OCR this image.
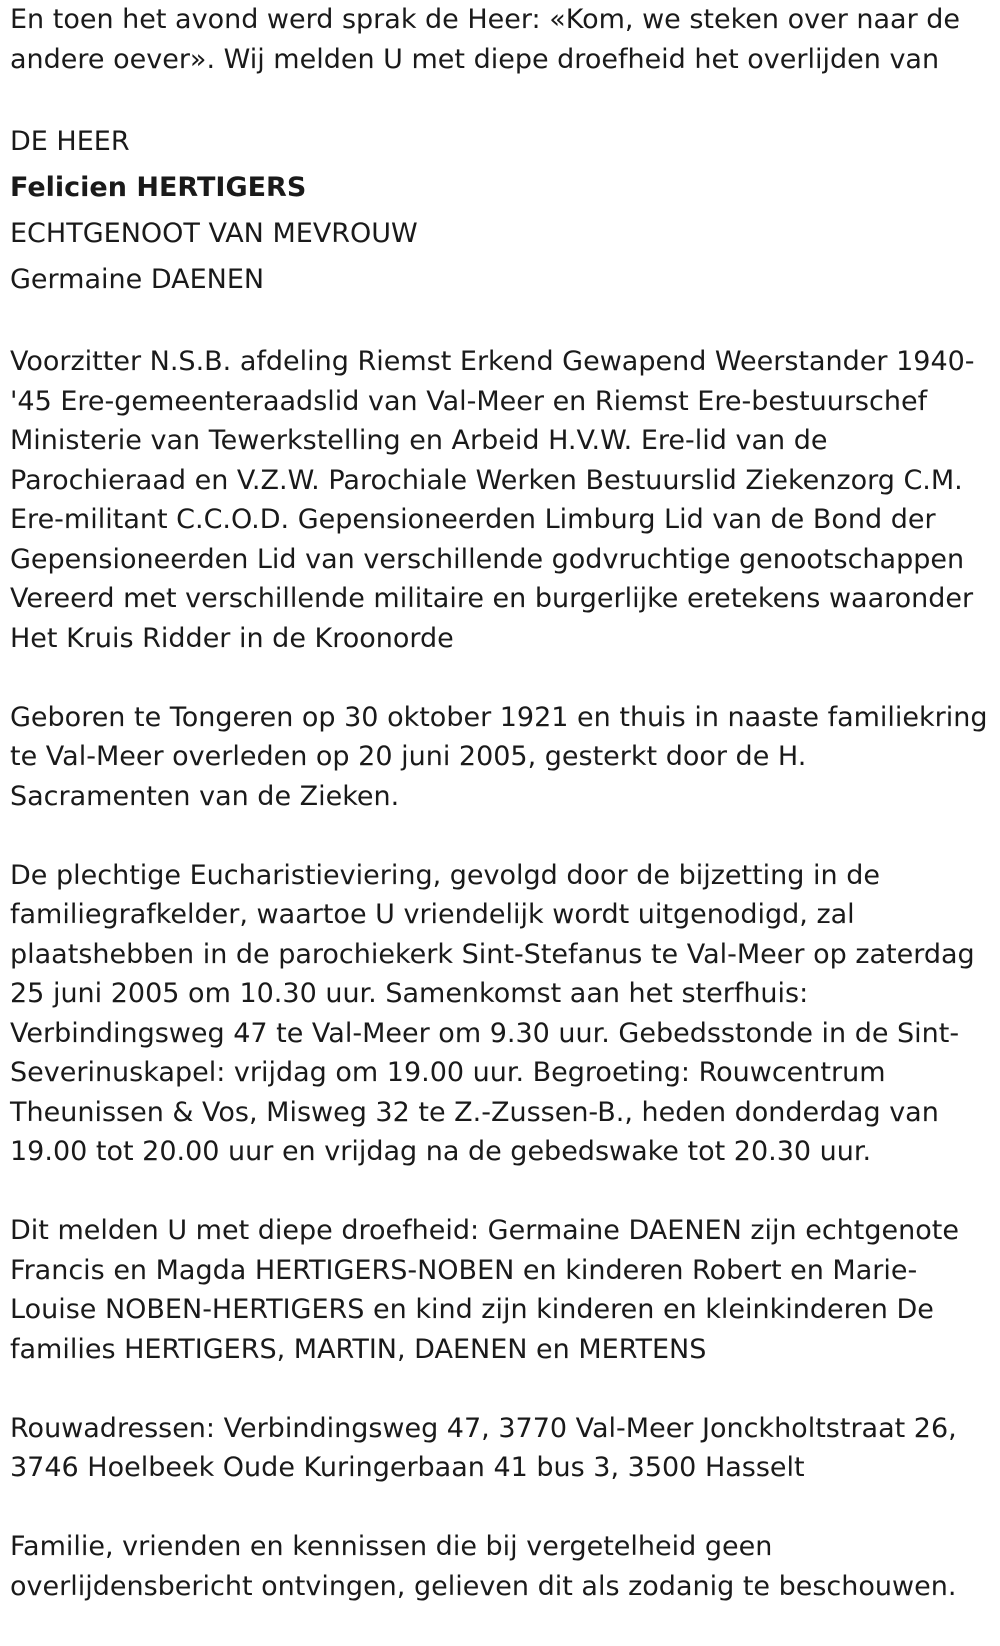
En toen het avond werd sprak de Heer: «Kom, we steken over naar de andere oever». Wij melden U met diepe droefheid het overlijden van

DE HEER

Felicien HERTIGERS

ECHTGENOOT VAN MEVROUW

Germaine DAENEN

Voorzitter N.S.B. afdeling Riemst Erkend Gewapend Weerstander 1940-'45 Ere-gemeenteraadslid van Val-Meer en Riemst Ere-bestuurschef Ministerie van Tewerkstelling en Arbeid H.V.W. Ere-lid van de Parochieraad en V.Z.W. Parochiale Werken Bestuurslid Ziekenzorg C.M. Ere-militant C.C.O.D. Gepensioneerden Limburg Lid van de Bond der Gepensioneerden Lid van verschillende godvruchtige genootschappen Vereerd met verschillende militaire en burgerlijke eretekens waaronder Het Kruis Ridder in de Kroonorde

Geboren te Tongeren op 30 oktober 1921 en thuis in naaste familiekring te Val-Meer overleden op 20 juni 2005, gesterkt door de H. Sacramenten van de Zieken.

De plechtige Eucharistieviering, gevolgd door de bijzetting in de familiegrafkelder, waartoe U vriendelijk wordt uitgenodigd, zal plaatshebben in de parochiekerk Sint-Stefanus te Val-Meer op zaterdag 25 juni 2005 om 10.30 uur. Samenkomst aan het sterfhuis: Verbindingsweg 47 te Val-Meer om 9.30 uur. Gebedsstonde in de Sint-Severinuskapel: vrijdag om 19.00 uur. Begroeting: Rouwcentrum Theunissen & Vos, Misweg 32 te Z.-Zussen-B., heden donderdag van 19.00 tot 20.00 uur en vrijdag na de gebedswake tot 20.30 uur.

Dit melden U met diepe droefheid: Germaine DAENEN zijn echtgenote Francis en Magda HERTIGERS-NOBEN en kinderen Robert en Marie-Louise NOBEN-HERTIGERS en kind zijn kinderen en kleinkinderen De families HERTIGERS, MARTIN, DAENEN en MERTENS

Rouwadressen: Verbindingsweg 47, 3770 Val-Meer Jonckholtstraat 26, 3746 Hoelbeek Oude Kuringerbaan 41 bus 3, 3500 Hasselt

Familie, vrienden en kennissen die bij vergetelheid geen overlijdensbericht ontvingen, gelieven dit als zodanig te beschouwen.
